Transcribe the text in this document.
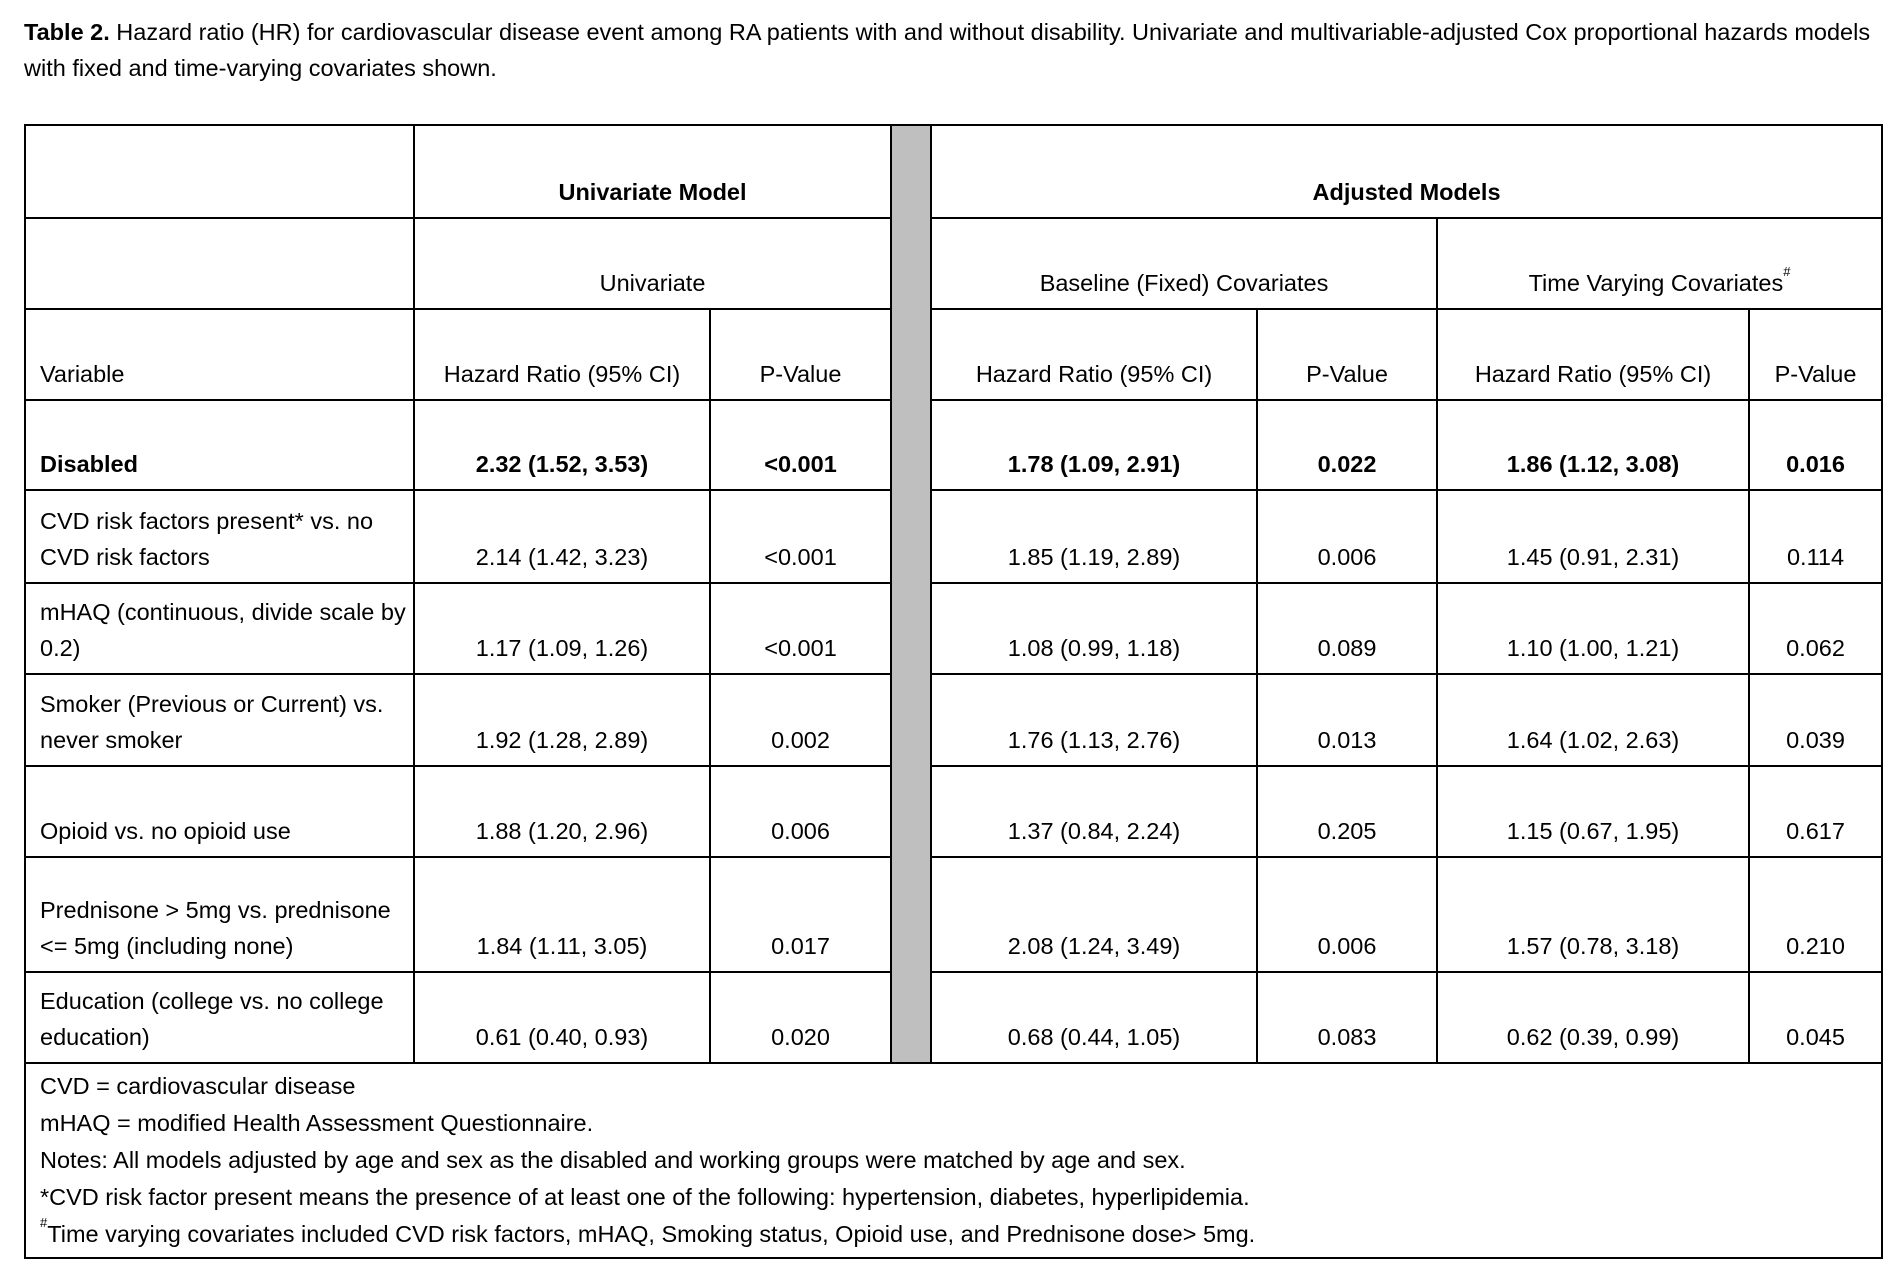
Table 2. Hazard ratio (HR) for cardiovascular disease event among RA patients with and without disability. Univariate and multivariable-adjusted Cox proportional hazards models with fixed and time-varying covariates shown.
	Univariate Model			Adjusted Models			
	Univariate			Baseline (Fixed) Covariates		Time Varying Covariates#
Variable	Hazard Ratio (95% CI)	P-Value		Hazard Ratio (95% CI)	P-Value	Hazard Ratio (95% CI)	P-Value
Disabled	2.32 (1.52, 3.53)	<0.001		1.78 (1.09, 2.91)	0.022	1.86 (1.12, 3.08)	0.016
CVD risk factors present* vs. no CVD risk factors	2.14 (1.42, 3.23)	<0.001		1.85 (1.19, 2.89)	0.006	1.45 (0.91, 2.31)	0.114
mHAQ (continuous, divide scale by 0.2)	1.17 (1.09, 1.26)	<0.001		1.08 (0.99, 1.18)	0.089	1.10 (1.00, 1.21)	0.062
Smoker (Previous or Current) vs. never smoker	1.92 (1.28, 2.89)	0.002		1.76 (1.13, 2.76)	0.013	1.64 (1.02, 2.63)	0.039
Opioid vs. no opioid use	1.88 (1.20, 2.96)	0.006		1.37 (0.84, 2.24)	0.205	1.15 (0.67, 1.95)	0.617
Prednisone > 5mg vs. prednisone <= 5mg (including none)	1.84 (1.11, 3.05)	0.017		2.08 (1.24, 3.49)	0.006	1.57 (0.78, 3.18)	0.210
Education (college vs. no college education)	0.61 (0.40, 0.93)	0.020		0.68 (0.44, 1.05)	0.083	0.62 (0.39, 0.99)	0.045

CVD = cardiovascular disease
mHAQ = modified Health Assessment Questionnaire.
Notes: All models adjusted by age and sex as the disabled and working groups were matched by age and sex.
*CVD risk factor present means the presence of at least one of the following: hypertension, diabetes, hyperlipidemia.
#Time varying covariates included CVD risk factors, mHAQ, Smoking status, Opioid use, and Prednisone dose> 5mg.							
